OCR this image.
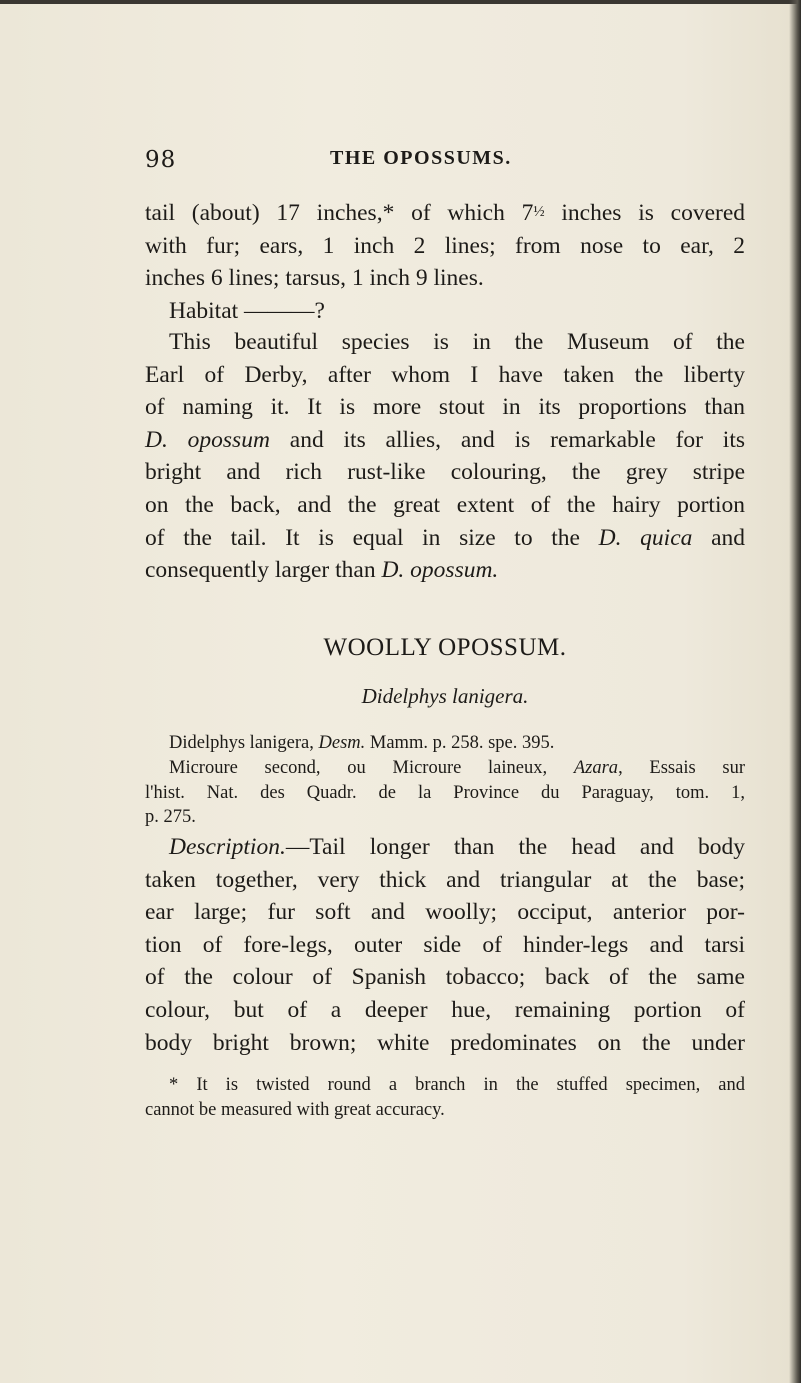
98	THE OPOSSUMS.
tail (about) 17 inches,* of which 7½ inches is covered
with fur; ears, 1 inch 2 lines; from nose to ear, 2
inches 6 lines; tarsus, 1 inch 9 lines.
Habitat ———?
This beautiful species is in the Museum of the
Earl of Derby, after whom I have taken the liberty
of naming it. It is more stout in its proportions than
D. opossum and its allies, and is remarkable for its
bright and rich rust-like colouring, the grey stripe
on the back, and the great extent of the hairy portion
of the tail. It is equal in size to the D. quica and
consequently larger than D. opossum.
WOOLLY OPOSSUM.
Didelphys lanigera.
Didelphys lanigera, Desm. Mamm. p. 258. spe. 395.
Microure second, ou Microure laineux, Azara, Essais sur
l'hist. Nat. des Quadr. de la Province du Paraguay, tom. 1,
p. 275.
Description.—Tail longer than the head and body
taken together, very thick and triangular at the base;
ear large; fur soft and woolly; occiput, anterior por-
tion of fore-legs, outer side of hinder-legs and tarsi
of the colour of Spanish tobacco; back of the same
colour, but of a deeper hue, remaining portion of
body bright brown; white predominates on the under
* It is twisted round a branch in the stuffed specimen, and
cannot be measured with great accuracy.
